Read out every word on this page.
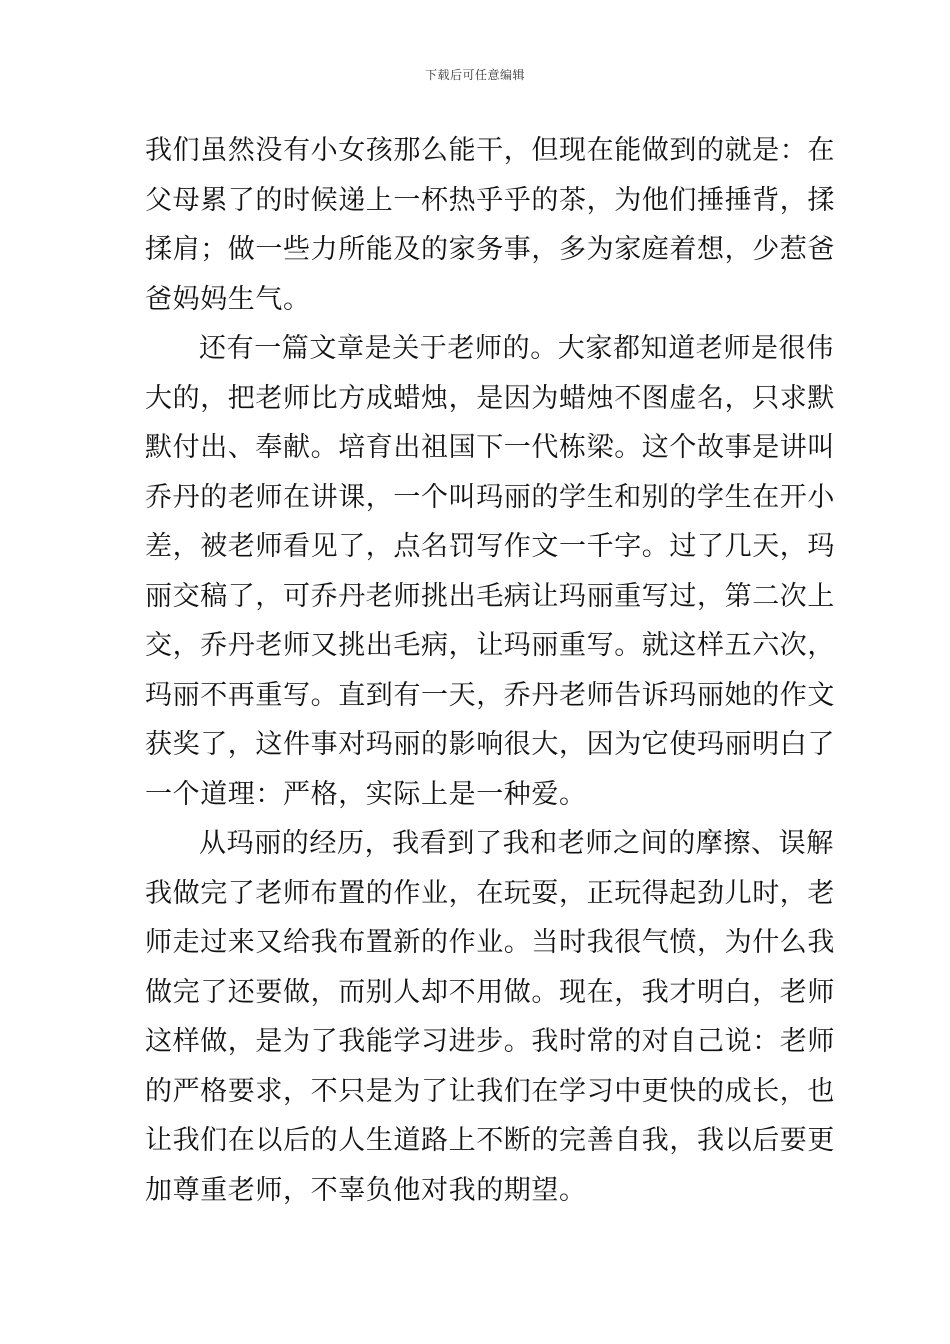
下载后可任意编辑
我们虽然没有小女孩那么能干，但现在能做到的就是：在
父母累了的时候递上一杯热乎乎的茶，为他们捶捶背，揉
揉肩；做一些力所能及的家务事，多为家庭着想，少惹爸
爸妈妈生气。
还有一篇文章是关于老师的。大家都知道老师是很伟
大的，把老师比方成蜡烛，是因为蜡烛不图虚名，只求默
默付出、奉献。培育出祖国下一代栋梁。这个故事是讲叫
乔丹的老师在讲课，一个叫玛丽的学生和别的学生在开小
差，被老师看见了，点名罚写作文一千字。过了几天，玛
丽交稿了，可乔丹老师挑出毛病让玛丽重写过，第二次上
交，乔丹老师又挑出毛病，让玛丽重写。就这样五六次，
玛丽不再重写。直到有一天，乔丹老师告诉玛丽她的作文
获奖了，这件事对玛丽的影响很大，因为它使玛丽明白了
一个道理：严格，实际上是一种爱。
从玛丽的经历，我看到了我和老师之间的摩擦、误解
我做完了老师布置的作业，在玩耍，正玩得起劲儿时，老
师走过来又给我布置新的作业。当时我很气愤，为什么我
做完了还要做，而别人却不用做。现在，我才明白，老师
这样做，是为了我能学习进步。我时常的对自己说：老师
的严格要求，不只是为了让我们在学习中更快的成长，也
让我们在以后的人生道路上不断的完善自我，我以后要更
加尊重老师，不辜负他对我的期望。
